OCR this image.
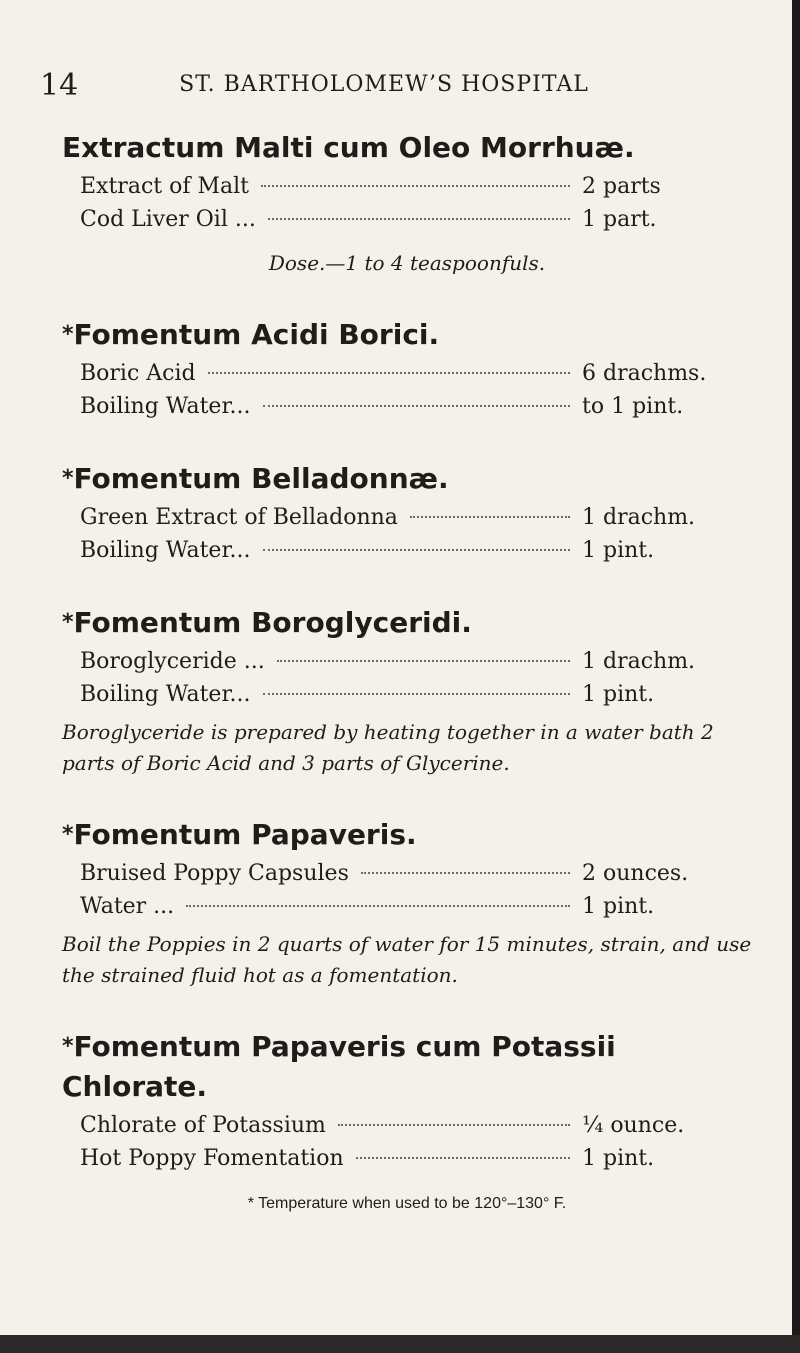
14	ST. BARTHOLOMEW’S HOSPITAL
Extractum Malti cum Oleo Morrhuæ.
Extract of Malt	2 parts
Cod Liver Oil ...	1 part.

Dose.—1 to 4 teaspoonfuls.

*Fomentum Acidi Borici.
Boric Acid	6 drachms.
Boiling Water...	to 1 pint.
*Fomentum Belladonnæ.
Green Extract of Belladonna	1 drachm.
Boiling Water...	1 pint.
*Fomentum Boroglyceridi.
Boroglyceride ...	1 drachm.
Boiling Water...	1 pint.

Boroglyceride is prepared by heating together in a water bath 2 parts of Boric Acid and 3 parts of Glycerine.

*Fomentum Papaveris.
Bruised Poppy Capsules	2 ounces.
Water ...	1 pint.

Boil the Poppies in 2 quarts of water for 15 minutes, strain, and use the strained fluid hot as a fomentation.

*Fomentum Papaveris cum Potassii Chlorate.
Chlorate of Potassium	¼ ounce.
Hot Poppy Fomentation	1 pint.
* Temperature when used to be 120°–130° F.
